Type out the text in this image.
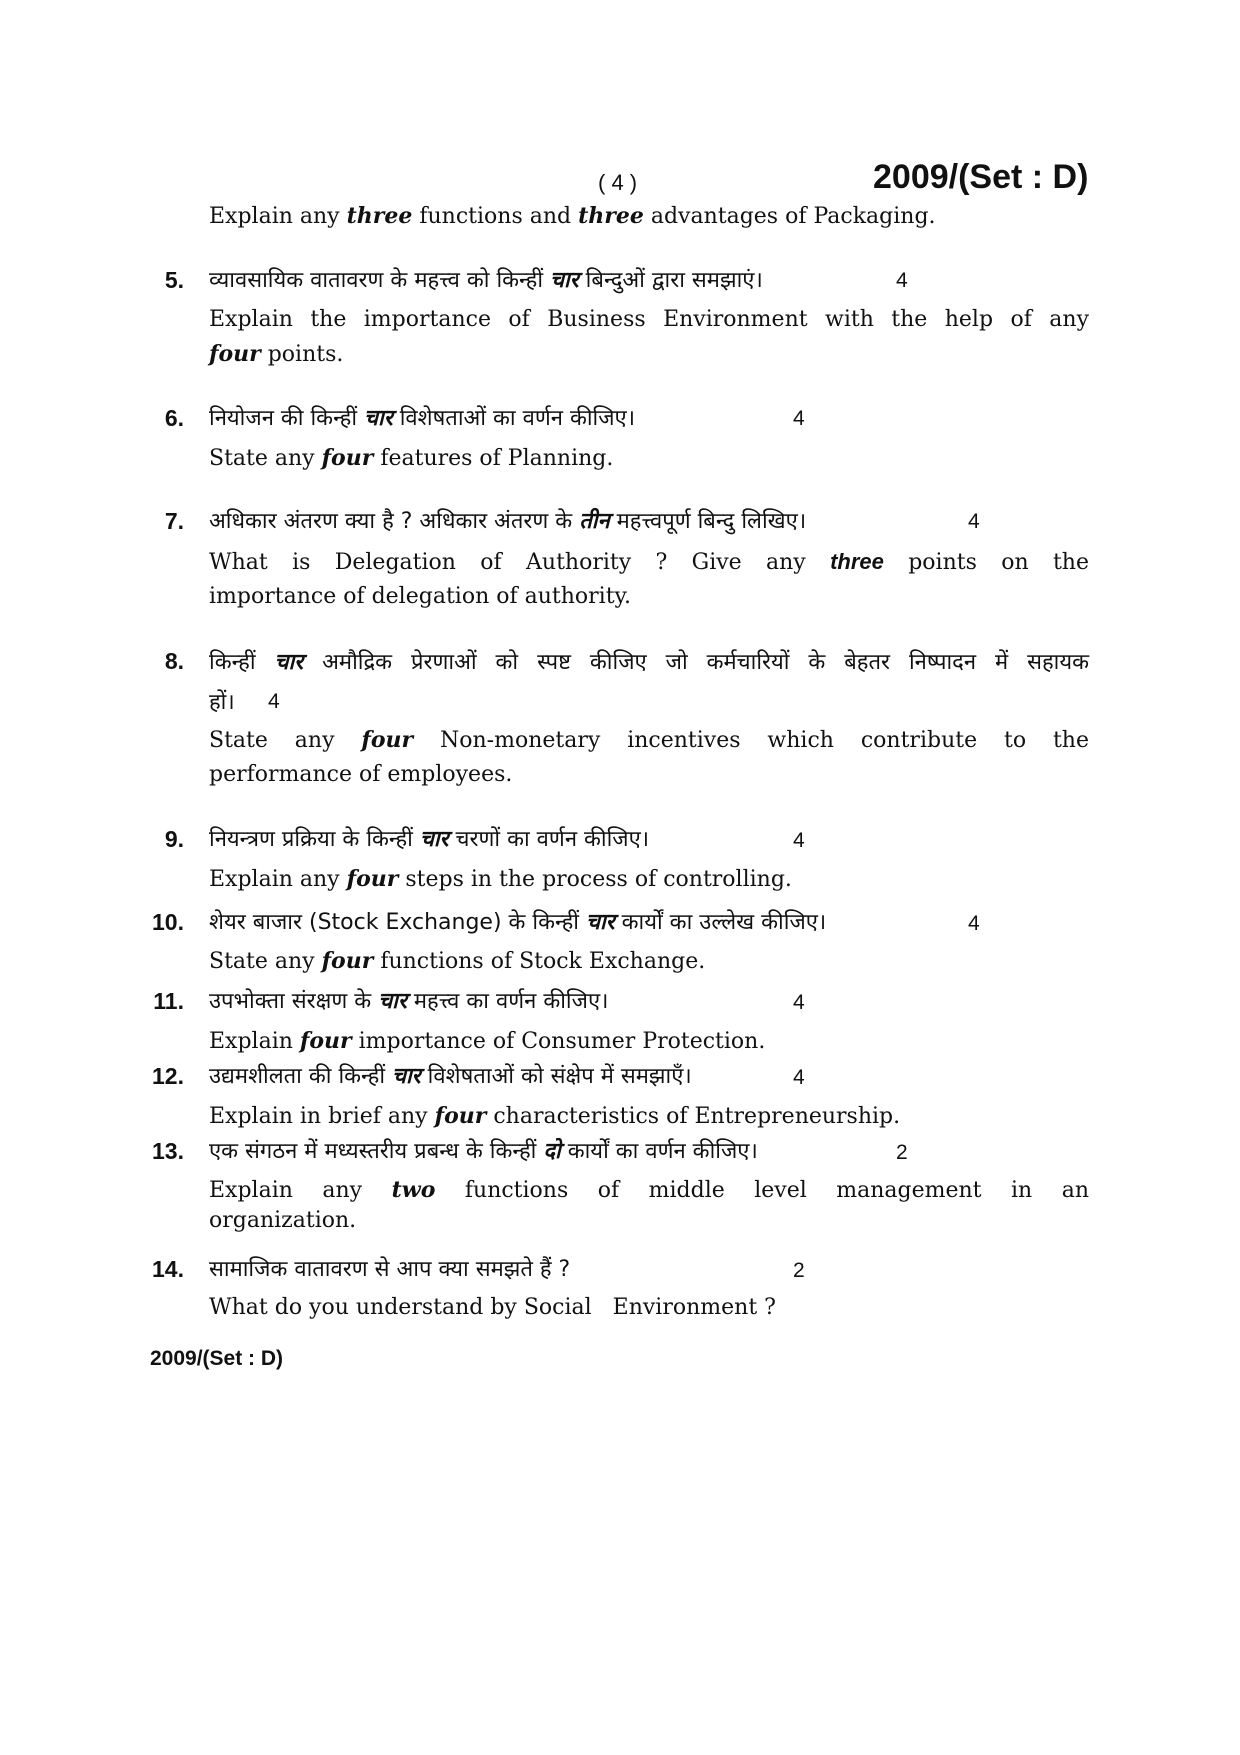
( 4 )	2009/(Set : D)
Explain any three functions and three advantages of Packaging.
5. व्यावसायिक वातावरण के महत्त्व को किन्हीं चार बिन्दुओं द्वारा समझाएं।	4
Explain the importance of Business Environment with the help of any
four points.
6. नियोजन की किन्हीं चार विशेषताओं का वर्णन कीजिए।	4
State any four features of Planning.
7. अधिकार अंतरण क्या है ? अधिकार अंतरण के तीन महत्त्वपूर्ण बिन्दु लिखिए।	4
What is Delegation of Authority ? Give any three points on the
importance of delegation of authority.
8. किन्हीं चार अमौद्रिक प्रेरणाओं को स्पष्ट कीजिए जो कर्मचारियों के बेहतर निष्पादन में सहायक
हों। 4
State any four Non-monetary incentives which contribute to the
performance of employees.
9. नियन्त्रण प्रक्रिया के किन्हीं चार चरणों का वर्णन कीजिए।	4
Explain any four steps in the process of controlling.
10. शेयर बाजार (Stock Exchange) के किन्हीं चार कार्यों का उल्लेख कीजिए।	4
State any four functions of Stock Exchange.
11. उपभोक्ता संरक्षण के चार महत्त्व का वर्णन कीजिए।	4
Explain four importance of Consumer Protection.
12. उद्यमशीलता की किन्हीं चार विशेषताओं को संक्षेप में समझाएँ।	4
Explain in brief any four characteristics of Entrepreneurship.
13. एक संगठन में मध्यस्तरीय प्रबन्ध के किन्हीं दो कार्यों का वर्णन कीजिए।	2
Explain any two functions of middle level management in an
organization.
14. सामाजिक वातावरण से आप क्या समझते हैं ?	2
What do you understand by Social   Environment ?
2009/(Set : D)
